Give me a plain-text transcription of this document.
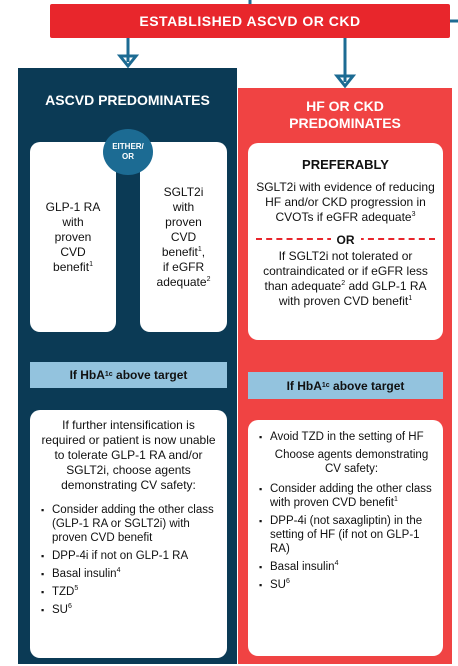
ESTABLISHED ASCVD OR CKD
ASCVD PREDOMINATES
GLP-1 RA
with
proven
CVD
benefit$^1$
SGLT2i
with
proven
CVD
benefit$^1$,
if eGFR
adequate$^2$
EITHER/
OR
If HbA 1c above target
If further intensification is required or patient is now unable to tolerate GLP-1 RA and/or SGLT2i, choose agents demonstrating CV safety:
▪ Consider adding the other class (GLP-1 RA or SGLT2i) with proven CVD benefit
▪ DPP-4i if not on GLP-1 RA
▪ Basal insulin$^4$
▪ TZD$^5$
▪ $SU^6$
HF OR CKD
PREDOMINATES
PREFERABLY
SGLT2i with evidence of reducing HF and/or CKD progression in CVOTs if eGFR adequate$^3$
OR
If SGLT2i not tolerated or contraindicated or if eGFR less than adequate$^2$ add GLP-1 RA with proven CVD benefit$^1$
If HbA 1c above target
▪ Avoid TZD in the setting of HF
Choose agents demonstrating CV safety:
▪ Consider adding the other class with proven CVD benefit$^1$
▪ DPP-4i (not saxagliptin) in the setting of HF (if not on GLP-1 RA)
▪ Basal insulin$^4$
▪ $SU^6$
